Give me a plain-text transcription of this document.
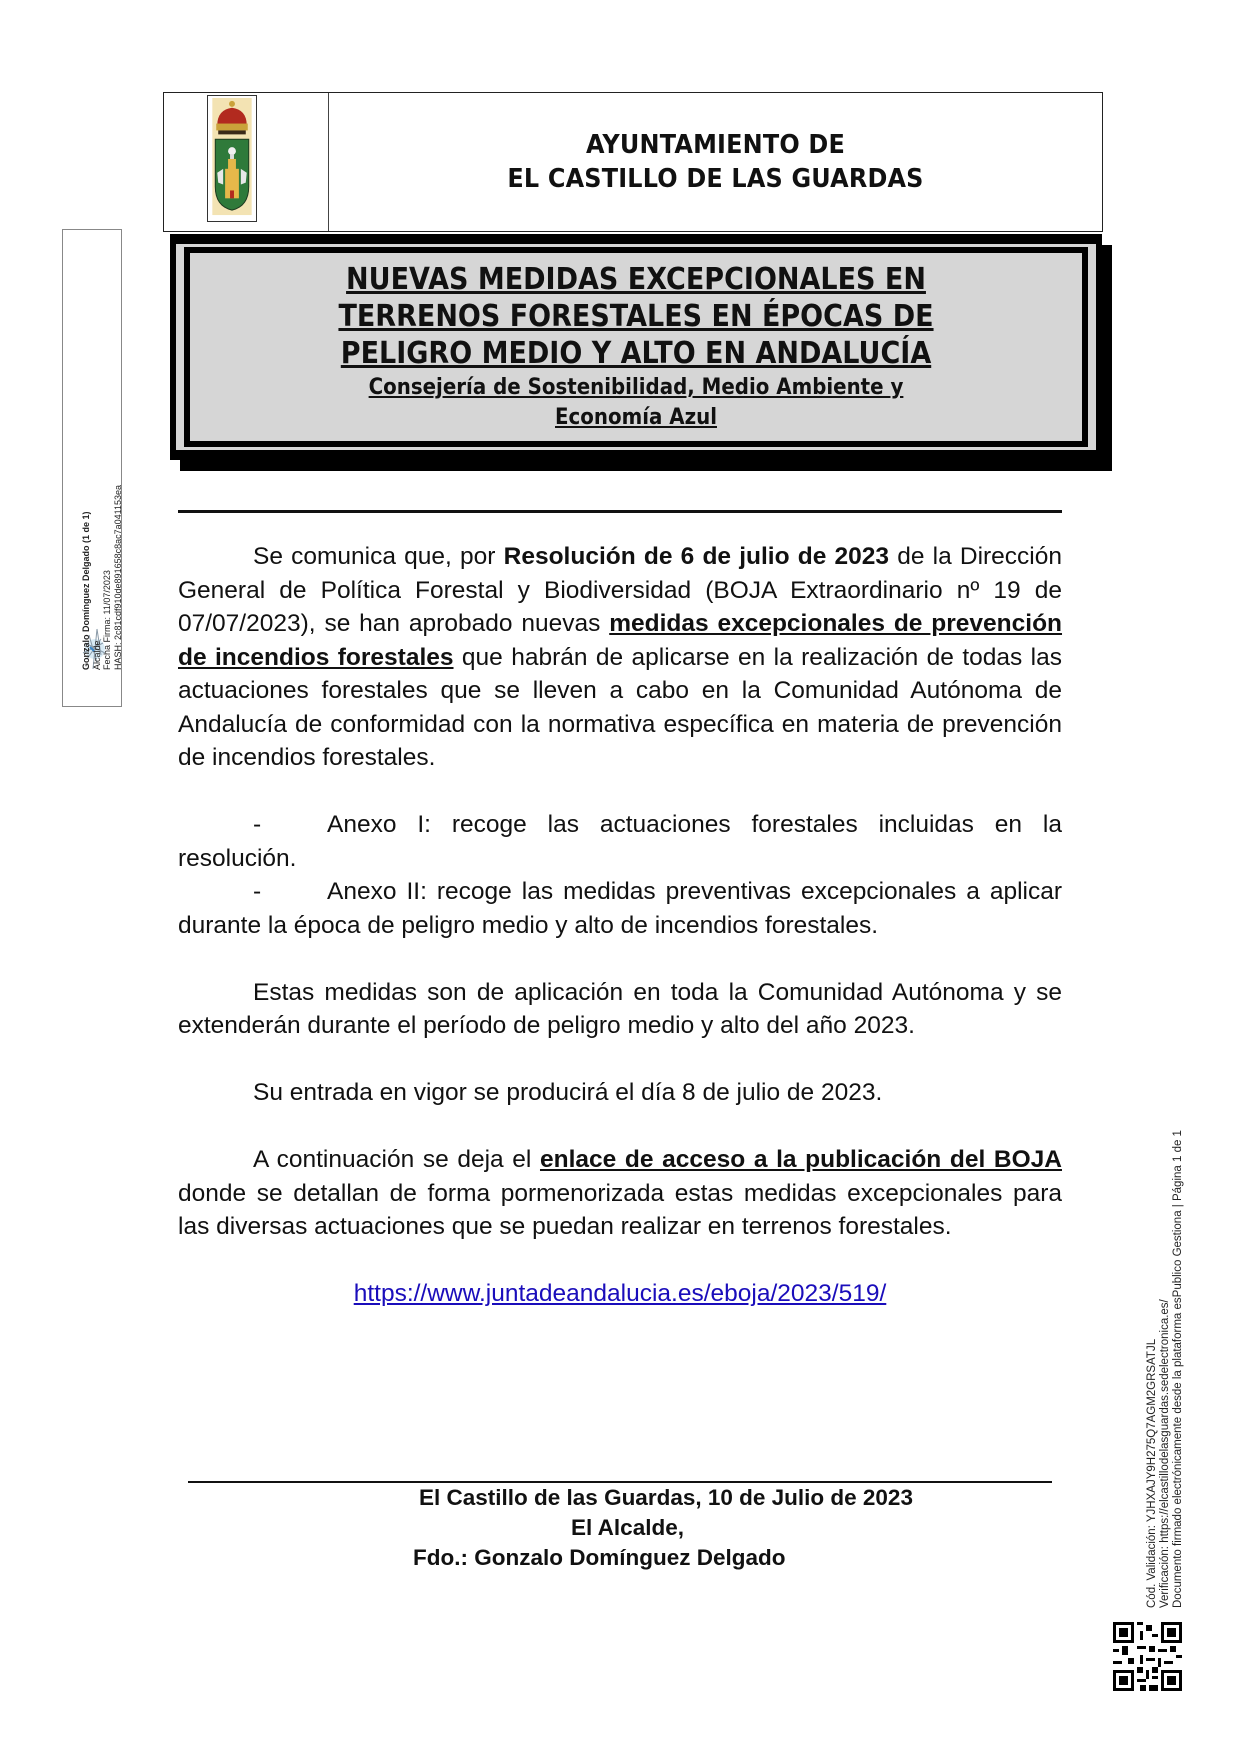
Gonzalo Domínguez Delgado (1 de 1) Alcalde Fecha Firma: 11/07/2023 HASH: 2c81cdf910de891658c8ac7a041153ea
AYUNTAMIENTO DE
EL CASTILLO DE LAS GUARDAS
NUEVAS MEDIDAS EXCEPCIONALES EN
TERRENOS FORESTALES EN ÉPOCAS DE
PELIGRO MEDIO Y ALTO EN ANDALUCÍA
Consejería de Sostenibilidad, Medio Ambiente y
Economía Azul

Se comunica que, por Resolución de 6 de julio de 2023 de la Dirección General de Política Forestal y Biodiversidad (BOJA Extraordinario nº 19 de 07/07/2023), se han aprobado nuevas medidas excepcionales de prevención de incendios forestales que habrán de aplicarse en la realización de todas las actuaciones forestales que se lleven a cabo en la Comunidad Autónoma de Andalucía de conformidad con la normativa específica en materia de prevención de incendios forestales.

-	Anexo I: recoge las actuaciones forestales incluidas en la resolución.

-	Anexo II: recoge las medidas preventivas excepcionales a aplicar durante la época de peligro medio y alto de incendios forestales.

Estas medidas son de aplicación en toda la Comunidad Autónoma y se extenderán durante el período de peligro medio y alto del año 2023.

Su entrada en vigor se producirá el día 8 de julio de 2023.

A continuación se deja el enlace de acceso a la publicación del BOJA donde se detallan de forma pormenorizada estas medidas excepcionales para las diversas actuaciones que se puedan realizar en terrenos forestales.

https://www.juntadeandalucia.es/eboja/2023/519/

El Castillo de las Guardas, 10 de Julio de 2023
El Alcalde,
Fdo.: Gonzalo Domínguez Delgado	Cód. Validación: YJHXAJY9H275Q7AGM2GRSATJL Verificación: https://elcastillodelasguardas.sedelectronica.es/ Documento firmado electrónicamente desde la plataforma esPublico Gestiona | Página 1 de 1
